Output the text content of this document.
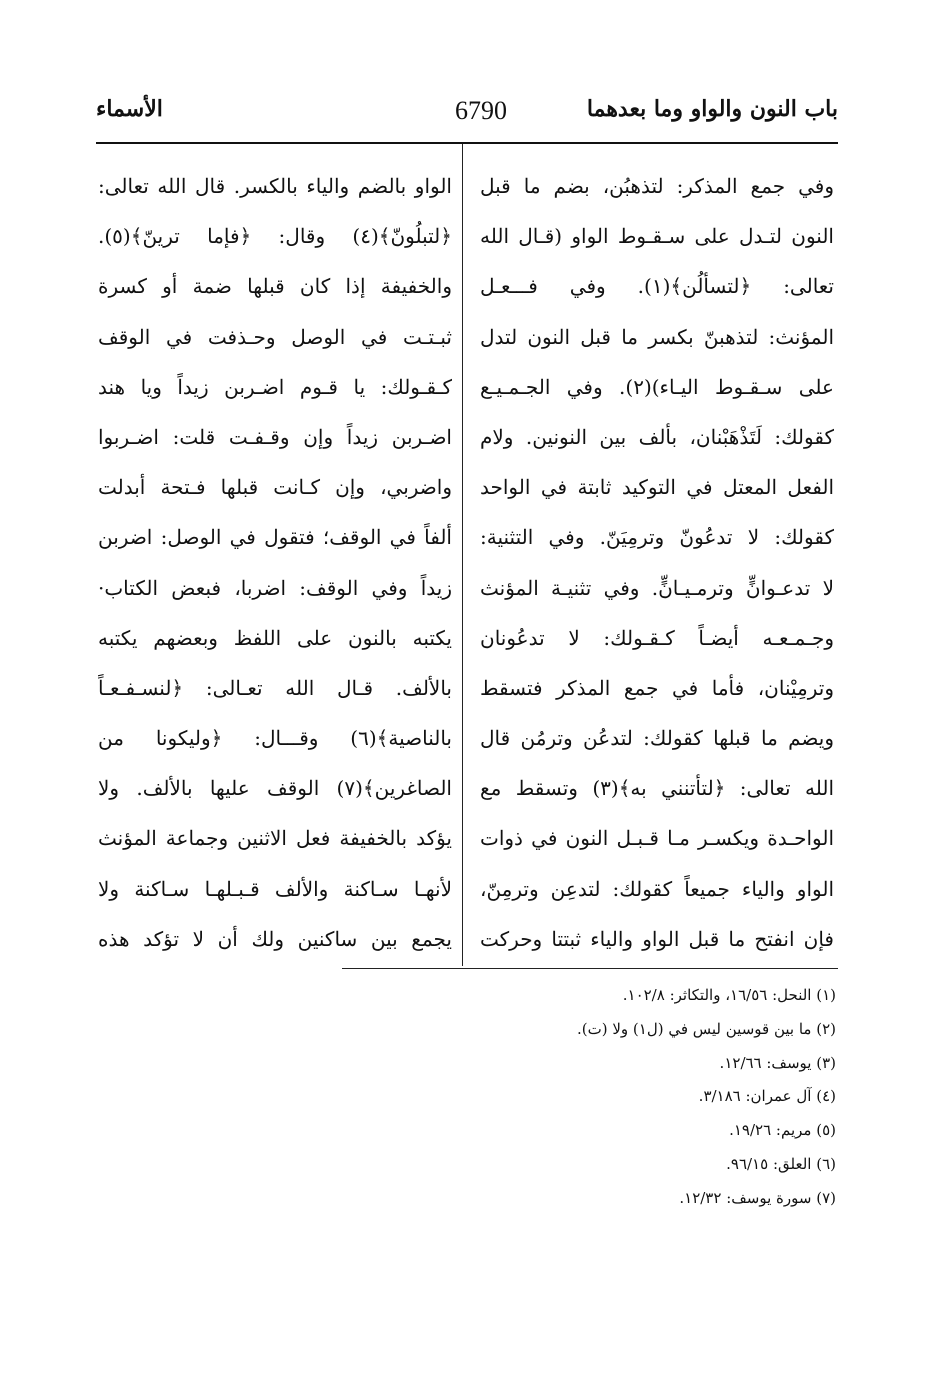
باب النون والواو وما بعدهما
6790
الأسماء
وفي جمع المذكر: لتذهبُن، بضم ما قبل
النون لتـدل على سـقـوط الواو (قـال الله
تعالى: ﴿لتسألُن﴾(١). وفي فـــعـل
المؤنث: لتذهبنّ بكسر ما قبل النون لتدل
على سـقـوط اليـاء)(٢). وفي الجـمـيـع
كقولك: لَتَذْهَبْنان، بألف بين النونين. ولام
الفعل المعتل في التوكيد ثابتة في الواحد
كقولك: لا تدعُونّ وترمِيَنّ. وفي التثنية:
لا تدعـوانٍّ وترمـيـانٍّ. وفي تثنيـة المؤنث
وجـمـعـه أيضـاً كـقـولك: لا تدعُونان
وترمِيْنان، فأما في جمع المذكر فتسقط
ويضم ما قبلها كقولك: لتدعُن وترمُن قال
الله تعالى: ﴿لتأتنني به﴾(٣) وتسقط مع
الواحـدة ويكسـر مـا قـبـل النون في ذوات
الواو والياء جميعاً كقولك: لتدعِن وترمِنّ،
فإن انفتح ما قبل الواو والياء ثبتتا وحركت
الواو بالضم والياء بالكسر. قال الله تعالى:
﴿لتبلُونّ﴾(٤) وقال: ﴿فإما ترينّ﴾(٥).
والخفيفة إذا كان قبلها ضمة أو كسرة
ثبـتـت في الوصل وحـذفت في الوقف
كـقـولك: يا قـوم اضـربن زيداً ويا هند
اضـربن زيداً وإن وقـفـت قلت: اضـربوا
واضربي، وإن كـانت قبلها فـتحة أبدلت
ألفاً في الوقف؛ فتقول في الوصل: اضربن
زيداً وفي الوقف: اضربا، فبعض الكتاب·
يكتبه بالنون على اللفظ وبعضهم يكتبه
بالألف. قـال الله تعـالى: ﴿لنسـفـعـاً
بالناصية﴾(٦) وقـــال: ﴿وليكونا من
الصاغرين﴾(٧) الوقف عليها بالألف. ولا
يؤكد بالخفيفة فعل الاثنين وجماعة المؤنث
لأنهـا سـاكنة والألف قـبـلهـا سـاكنة ولا
يجمع بين ساكنين ولك أن لا تؤكد هذه
(١) النحل: ١٦/٥٦، والتكاثر: ١٠٢/٨.
(٢) ما بين قوسين ليس في (ل١) ولا (ت).
(٣) يوسف: ١٢/٦٦.
(٤) آل عمران: ٣/١٨٦.
(٥) مريم: ١٩/٢٦.
(٦) العلق: ٩٦/١٥.
(٧) سورة يوسف: ١٢/٣٢.
